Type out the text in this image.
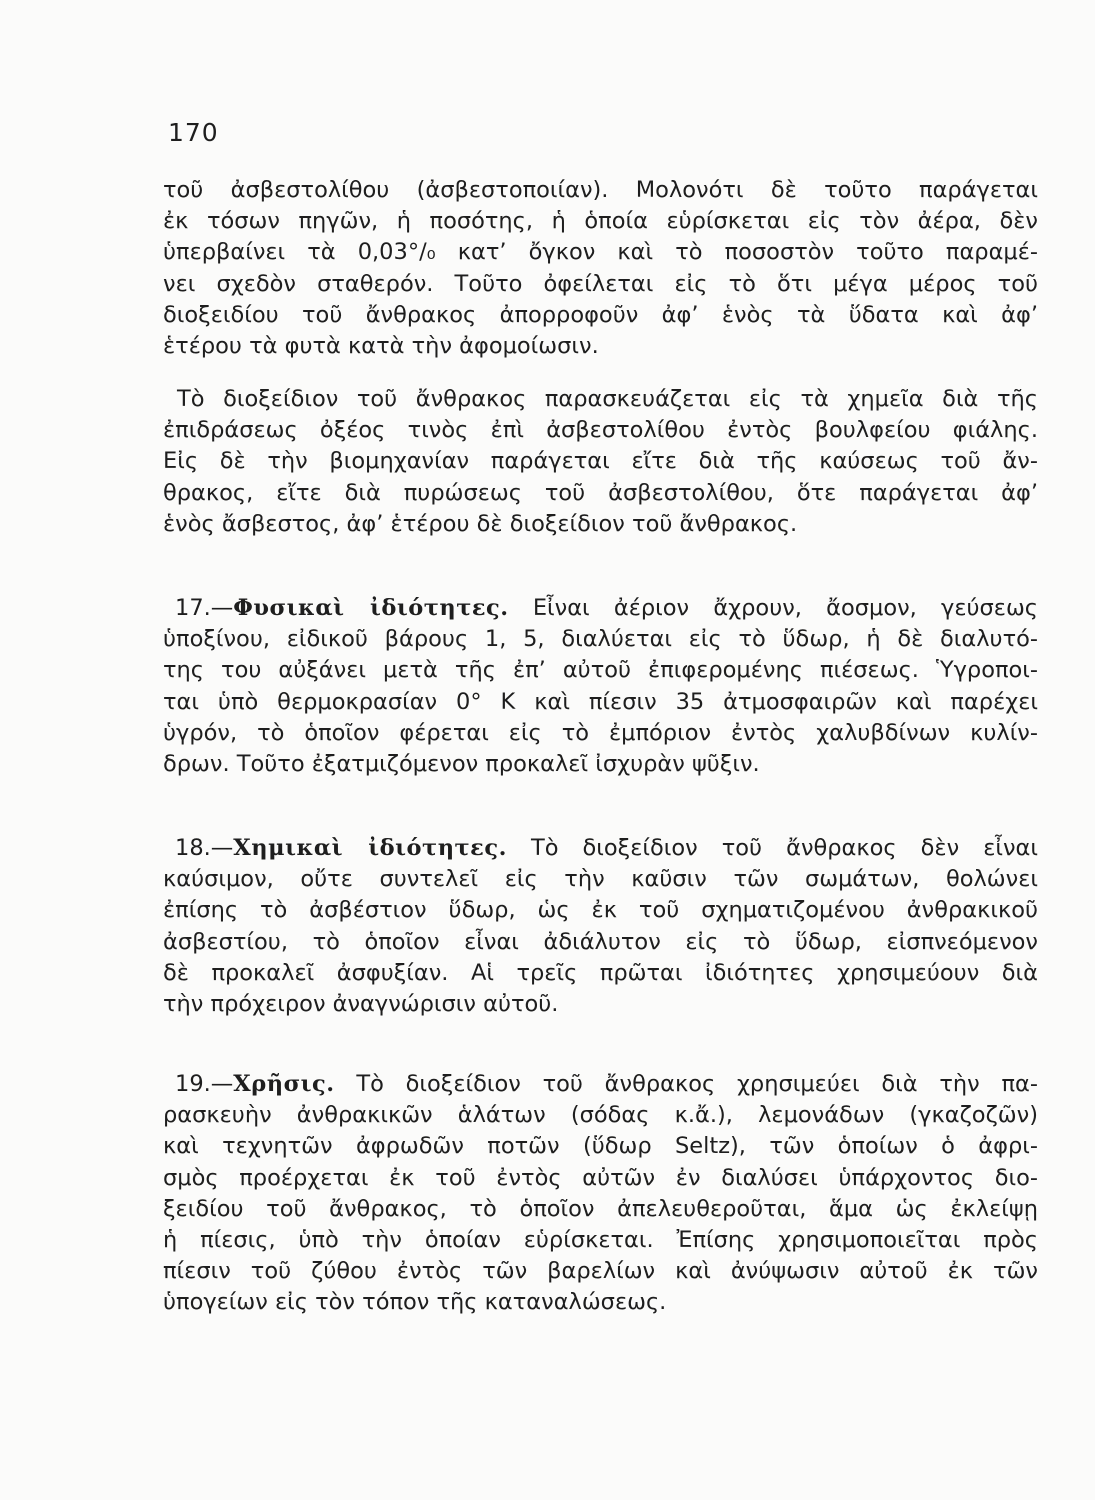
170
τοῦ ἀσβεστολίθου (ἀσβεστοποιίαν). Μολονότι δὲ τοῦτο παράγεται
ἐκ τόσων πηγῶν, ἡ ποσότης, ἡ ὁποία εὑρίσκεται εἰς τὸν ἀέρα, δὲν
ὑπερβαίνει τὰ 0,03°/₀ κατ’ ὄγκον καὶ τὸ ποσοστὸν τοῦτο παραμέ-
νει σχεδὸν σταθερόν. Τοῦτο ὀφείλεται εἰς τὸ ὅτι μέγα μέρος τοῦ
διοξειδίου τοῦ ἄνθρακος ἀπορροφοῦν ἀφ’ ἑνὸς τὰ ὕδατα καὶ ἀφ’
ἑτέρου τὰ φυτὰ κατὰ τὴν ἀφομοίωσιν.
Τὸ διοξείδιον τοῦ ἄνθρακος παρασκευάζεται εἰς τὰ χημεῖα διὰ τῆς
ἐπιδράσεως ὀξέος τινὸς ἐπὶ ἀσβεστολίθου ἐντὸς βουλφείου φιάλης.
Εἰς δὲ τὴν βιομηχανίαν παράγεται εἴτε διὰ τῆς καύσεως τοῦ ἄν-
θρακος, εἴτε διὰ πυρώσεως τοῦ ἀσβεστολίθου, ὅτε παράγεται ἀφ’
ἑνὸς ἄσβεστος, ἀφ’ ἑτέρου δὲ διοξείδιον τοῦ ἄνθρακος.
17.—Φυσικαὶ ἰδιότητες. Εἶναι ἀέριον ἄχρουν, ἄοσμον, γεύσεως
ὑποξίνου, εἰδικοῦ βάρους 1, 5, διαλύεται εἰς τὸ ὕδωρ, ἡ δὲ διαλυτό-
της του αὐξάνει μετὰ τῆς ἐπ’ αὐτοῦ ἐπιφερομένης πιέσεως. Ὑγροποι-
ται ὑπὸ θερμοκρασίαν 0° Κ καὶ πίεσιν 35 ἀτμοσφαιρῶν καὶ παρέχει
ὑγρόν, τὸ ὁποῖον φέρεται εἰς τὸ ἐμπόριον ἐντὸς χαλυβδίνων κυλίν-
δρων. Τοῦτο ἐξατμιζόμενον προκαλεῖ ἰσχυρὰν ψῦξιν.
18.—Χημικαὶ ἰδιότητες. Τὸ διοξείδιον τοῦ ἄνθρακος δὲν εἶναι
καύσιμον, οὔτε συντελεῖ εἰς τὴν καῦσιν τῶν σωμάτων, θολώνει
ἐπίσης τὸ ἀσβέστιον ὕδωρ, ὡς ἐκ τοῦ σχηματιζομένου ἀνθρακικοῦ
ἀσβεστίου, τὸ ὁποῖον εἶναι ἀδιάλυτον εἰς τὸ ὕδωρ, εἰσπνεόμενον
δὲ προκαλεῖ ἀσφυξίαν. Αἱ τρεῖς πρῶται ἰδιότητες χρησιμεύουν διὰ
τὴν πρόχειρον ἀναγνώρισιν αὐτοῦ.
19.—Χρῆσις. Τὸ διοξείδιον τοῦ ἄνθρακος χρησιμεύει διὰ τὴν πα-
ρασκευὴν ἀνθρακικῶν ἁλάτων (σόδας κ.ἄ.), λεμονάδων (γκαζοζῶν)
καὶ τεχνητῶν ἀφρωδῶν ποτῶν (ὕδωρ Seltz), τῶν ὁποίων ὁ ἀφρι-
σμὸς προέρχεται ἐκ τοῦ ἐντὸς αὐτῶν ἐν διαλύσει ὑπάρχοντος διο-
ξειδίου τοῦ ἄνθρακος, τὸ ὁποῖον ἀπελευθεροῦται, ἅμα ὡς ἐκλείψῃ
ἡ πίεσις, ὑπὸ τὴν ὁποίαν εὑρίσκεται. Ἐπίσης χρησιμοποιεῖται πρὸς
πίεσιν τοῦ ζύθου ἐντὸς τῶν βαρελίων καὶ ἀνύψωσιν αὐτοῦ ἐκ τῶν
ὑπογείων εἰς τὸν τόπον τῆς καταναλώσεως.
